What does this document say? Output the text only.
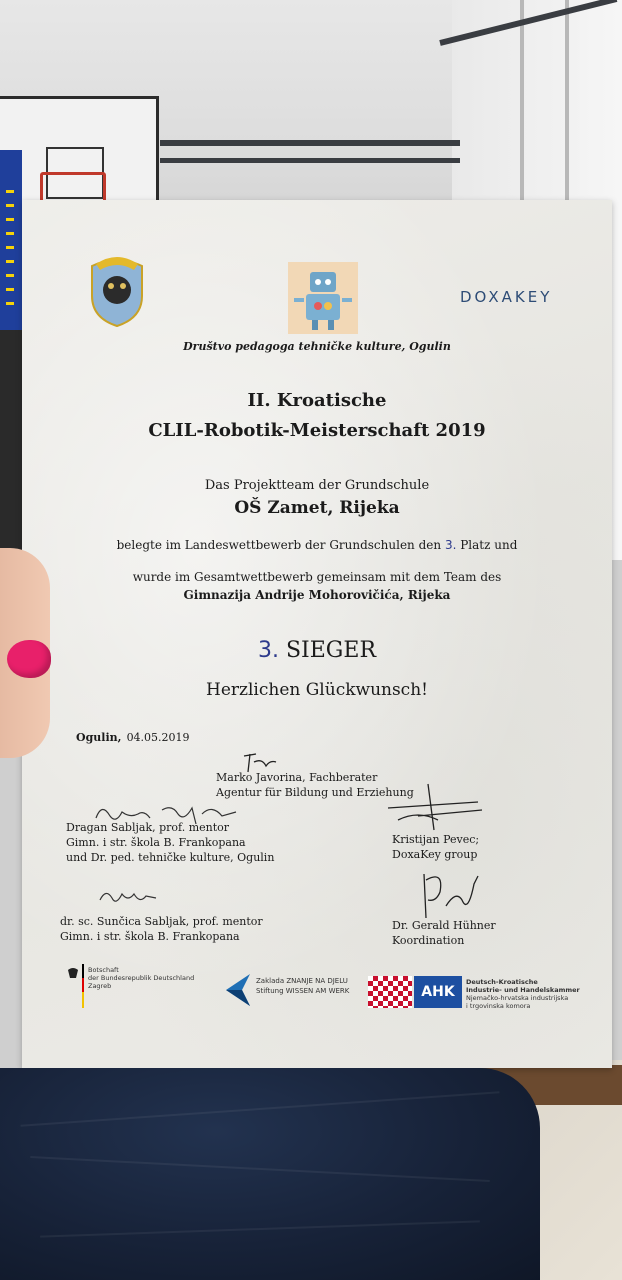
DOXAKEY
Društvo pedagoga tehničke kulture, Ogulin
II. Kroatische
CLIL-Robotik-Meisterschaft 2019
Das Projektteam der Grundschule
OŠ Zamet, Rijeka
belegte im Landeswettbewerb der Grundschulen den 3. Platz und
wurde im Gesamtwettbewerb gemeinsam mit dem Team des
Gimnazija Andrije Mohorovičića, Rijeka
3. SIEGER
Herzlichen Glückwunsch!
Ogulin, 04.05.2019
Marko Javorina, Fachberater
Agentur für Bildung und Erziehung
Dragan Sabljak, prof. mentor
Gimn. i str. škola B. Frankopana
und Dr. ped. tehničke kulture, Ogulin
Kristijan Pevec;
DoxaKey group
dr. sc. Sunčica Sabljak, prof. mentor
Gimn. i str. škola B. Frankopana
Dr. Gerald Hühner
Koordination
Botschaft
der Bundesrepublik Deutschland
Zagreb
Zaklada ZNANJE NA DJELU
Stiftung WISSEN AM WERK	AHK
Deutsch-Kroatische
Industrie- und Handelskammer
Njemačko-hrvatska industrijska
i trgovinska komora
